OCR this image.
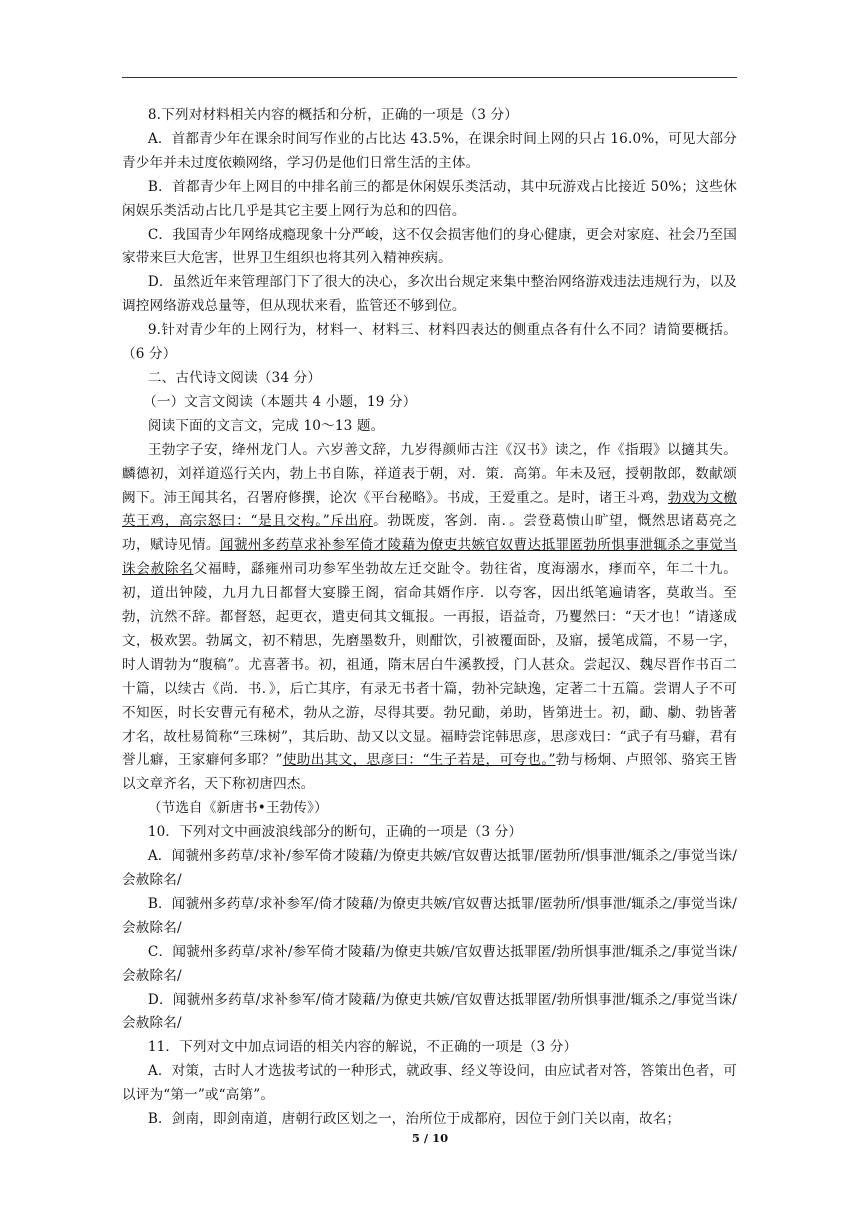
8.下列对材料相关内容的概括和分析，正确的一项是（3 分）

A．首都青少年在课余时间写作业的占比达 43.5%，在课余时间上网的只占 16.0%，可见大部分青少年并未过度依赖网络，学习仍是他们日常生活的主体。

B．首都青少年上网目的中排名前三的都是休闲娱乐类活动，其中玩游戏占比接近 50%；这些休闲娱乐类活动占比几乎是其它主要上网行为总和的四倍。

C．我国青少年网络成瘾现象十分严峻，这不仅会损害他们的身心健康，更会对家庭、社会乃至国家带来巨大危害，世界卫生组织也将其列入精神疾病。

D．虽然近年来管理部门下了很大的决心，多次出台规定来集中整治网络游戏违法违规行为，以及调控网络游戏总量等，但从现状来看，监管还不够到位。

9.针对青少年的上网行为，材料一、材料三、材料四表达的侧重点各有什么不同？请简要概括。（6 分）

二、古代诗文阅读（34 分）

（一）文言文阅读（本题共 4 小题，19 分）

阅读下面的文言文，完成 10～13 题。

王勃字子安，绛州龙门人。六岁善文辞，九岁得颜师古注《汉书》读之，作《指瑕》以擿其失。麟德初，刘祥道巡行关内，勃上书自陈，祥道表于朝，对．策．高第。年未及冠，授朝散郎，数献颂阙下。沛王闻其名，召署府修撰，论次《平台秘略》。书成，王爱重之。是时，诸王斗鸡，勃戏为文檄英王鸡，高宗怒曰：“是且交构。”斥出府。勃既废，客剑．南．。尝登葛愦山旷望，慨然思诸葛亮之功，赋诗见情。闻虢州多药草求补参军倚才陵藉为僚吏共嫉官奴曹达抵罪匿勃所惧事泄辄杀之事觉当诛会赦除名父福畤，繇雍州司功参军坐勃故左迁交趾令。勃往省，度海溺水，痵而卒，年二十九。初，道出钟陵，九月九日都督大宴滕王阁，宿命其婿作序．以夸客，因出纸笔遍请客，莫敢当。至勃，沆然不辞。都督怒，起更衣，遣吏伺其文辄报。一再报，语益奇，乃矍然曰：“天才也！”请遂成文，极欢罢。勃属文，初不精思，先磨墨数升，则酣饮，引被覆面卧，及寤，援笔成篇，不易一字，时人谓勃为“腹稿”。尤喜著书。初，祖通，隋末居白牛溪教授，门人甚众。尝起汉、魏尽晋作书百二十篇，以续古《尚．书．》，后亡其序，有录无书者十篇，勃补完缺逸，定著二十五篇。尝谓人子不可不知医，时长安曹元有秘术，勃从之游，尽得其要。勃兄勔，弟助，皆第进士。初，勔、勮、勃皆著才名，故杜易简称“三珠树”，其后助、劼又以文显。福畤尝诧韩思彦，思彦戏曰：“武子有马癖，君有誉儿癖，王家癖何多耶？”使助出其文，思彦曰：“生子若是，可夸也。”勃与杨炯、卢照邻、骆宾王皆以文章齐名，天下称初唐四杰。

（节选自《新唐书•王勃传》）

10．下列对文中画波浪线部分的断句，正确的一项是（3 分）

A．闻虢州多药草/求补/参军倚才陵藉/为僚吏共嫉/官奴曹达抵罪/匿勃所/惧事泄/辄杀之/事觉当诛/会赦除名/

B．闻虢州多药草/求补参军/倚才陵藉/为僚吏共嫉/官奴曹达抵罪/匿勃所/惧事泄/辄杀之/事觉当诛/会赦除名/

C．闻虢州多药草/求补/参军倚才陵藉/为僚吏共嫉/官奴曹达抵罪匿/勃所惧事泄/辄杀之/事觉当诛/会赦除名/

D．闻虢州多药草/求补参军/倚才陵藉/为僚吏共嫉/官奴曹达抵罪匿/勃所惧事泄/辄杀之/事觉当诛/会赦除名/

11．下列对文中加点词语的相关内容的解说，不正确的一项是（3 分）

A．对策，古时人才选拔考试的一种形式，就政事、经义等设问，由应试者对答，答策出色者，可以评为“第一”或“高第”。

B．剑南，即剑南道，唐朝行政区划之一，治所位于成都府，因位于剑门关以南，故名；

5 / 10
